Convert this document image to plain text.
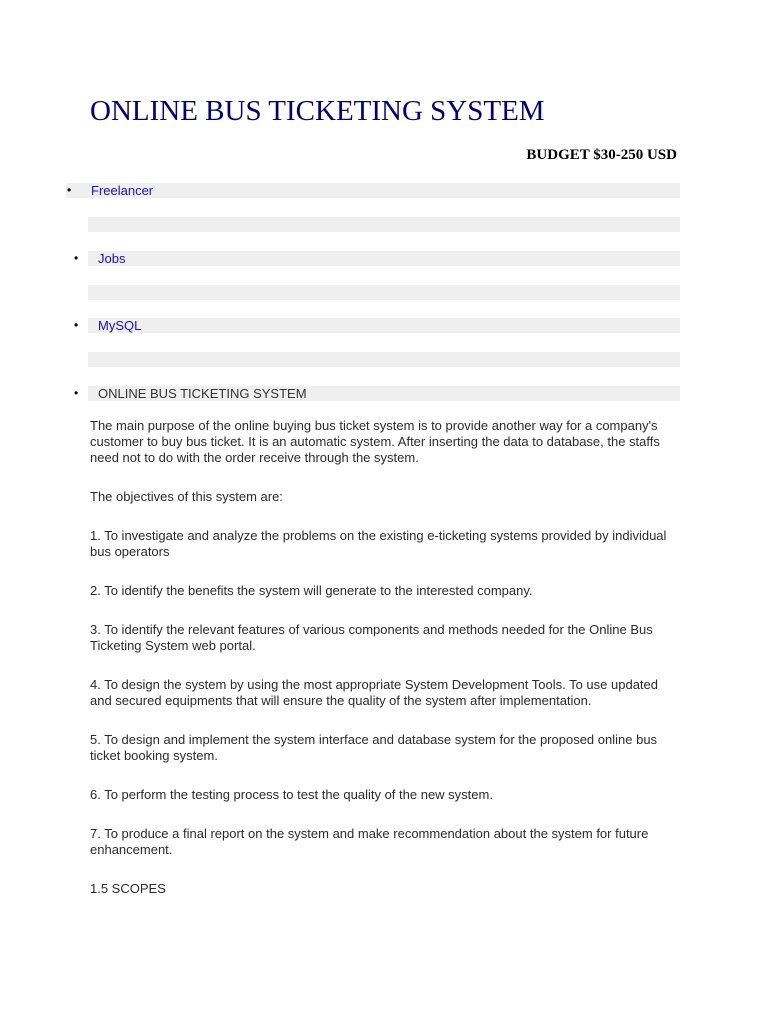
ONLINE BUS TICKETING SYSTEM
BUDGET $30-250 USD
• Freelancer
• Jobs
• MySQL
• ONLINE BUS TICKETING SYSTEM

The main purpose of the online buying bus ticket system is to provide another way for a company's customer to buy bus ticket. It is an automatic system. After inserting the data to database, the staffs need not to do with the order receive through the system.

The objectives of this system are:

1. To investigate and analyze the problems on the existing e-ticketing systems provided by individual bus operators

2. To identify the benefits the system will generate to the interested company.

3. To identify the relevant features of various components and methods needed for the Online Bus Ticketing System web portal.

4. To design the system by using the most appropriate System Development Tools. To use updated and secured equipments that will ensure the quality of the system after implementation.

5. To design and implement the system interface and database system for the proposed online bus ticket booking system.

6. To perform the testing process to test the quality of the new system.

7. To produce a final report on the system and make recommendation about the system for future enhancement.

1.5 SCOPES
